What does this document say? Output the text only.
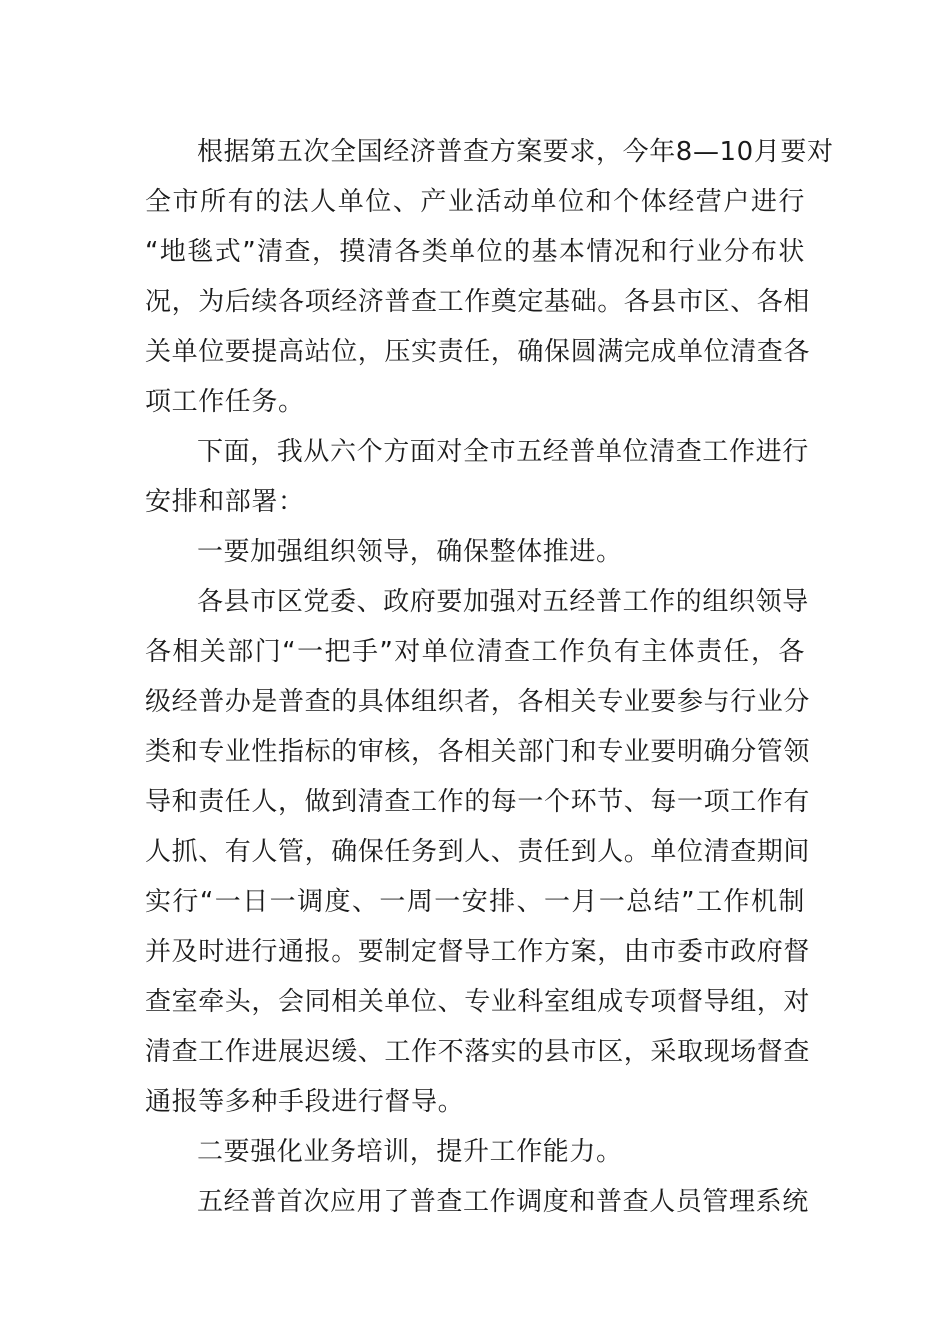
根据第五次全国经济普查方案要求，今年8—10月要对
全市所有的法人单位、产业活动单位和个体经营户进行
“地毯式”清查，摸清各类单位的基本情况和行业分布状
况，为后续各项经济普查工作奠定基础。各县市区、各相
关单位要提高站位，压实责任，确保圆满完成单位清查各
项工作任务。
下面，我从六个方面对全市五经普单位清查工作进行
安排和部署：
一要加强组织领导，确保整体推进。
各县市区党委、政府要加强对五经普工作的组织领导
各相关部门“一把手”对单位清查工作负有主体责任，各
级经普办是普查的具体组织者，各相关专业要参与行业分
类和专业性指标的审核，各相关部门和专业要明确分管领
导和责任人，做到清查工作的每一个环节、每一项工作有
人抓、有人管，确保任务到人、责任到人。单位清查期间
实行“一日一调度、一周一安排、一月一总结”工作机制
并及时进行通报。要制定督导工作方案，由市委市政府督
查室牵头，会同相关单位、专业科室组成专项督导组，对
清查工作进展迟缓、工作不落实的县市区，采取现场督查
通报等多种手段进行督导。
二要强化业务培训，提升工作能力。
五经普首次应用了普查工作调度和普查人员管理系统
